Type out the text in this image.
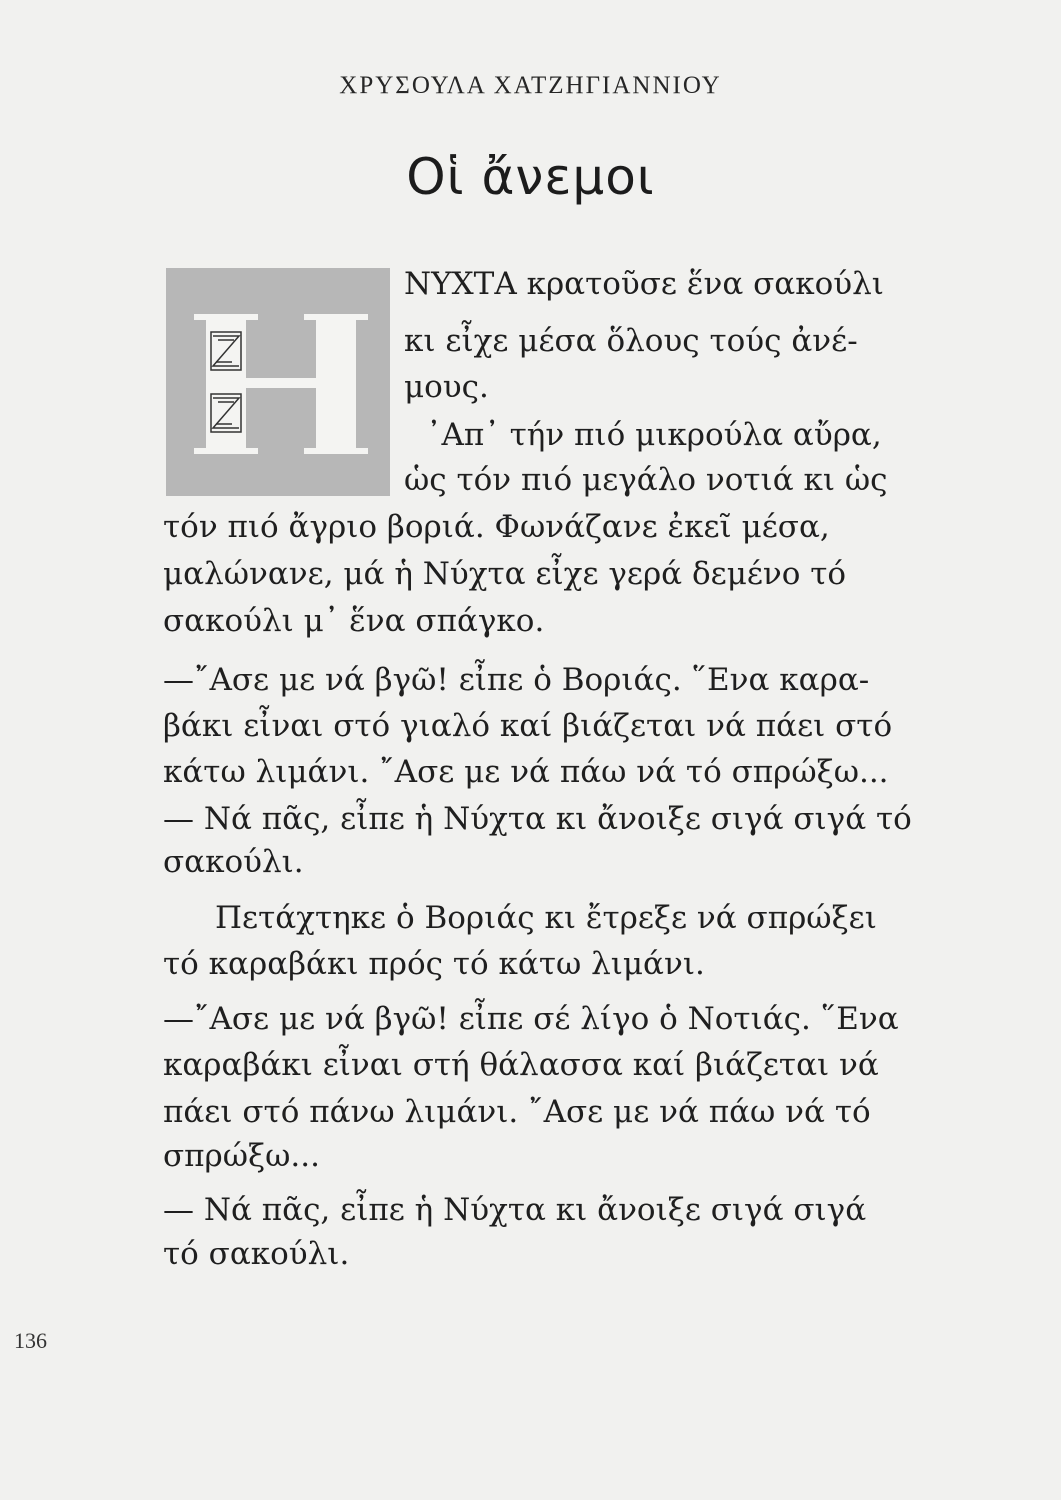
ΧΡΥΣΟΥΛΑ ΧΑΤΖΗΓΙΑΝΝΙΟΥ
Οἱ ἄνεμοι
ΝΥΧΤΑ κρατοῦσε ἕνα σακούλι
κι εἶχε μέσα ὅλους τούς ἀνέ-
μους.
᾽Απ᾽ τήν πιό μικρούλα αὔρα,
ὡς τόν πιό μεγάλο νοτιά κι ὡς
τόν πιό ἄγριο βοριά. Φωνάζανε ἐκεῖ μέσα,
μαλώνανε, μά ἡ Νύχτα εἶχε γερά δεμένο τό
σακούλι μ᾽ ἕνα σπάγκο.
—῎Ασε με νά βγῶ! εἶπε ὁ Βοριάς. ῞Ενα καρα-
βάκι εἶναι στό γιαλό καί βιάζεται νά πάει στό
κάτω λιμάνι. ῎Ασε με νά πάω νά τό σπρώξω...
— Νά πᾶς, εἶπε ἡ Νύχτα κι ἄνοιξε σιγά σιγά τό
σακούλι.
Πετάχτηκε ὁ Βοριάς κι ἔτρεξε νά σπρώξει
τό καραβάκι πρός τό κάτω λιμάνι.
—῎Ασε με νά βγῶ! εἶπε σέ λίγο ὁ Νοτιάς. ῞Ενα
καραβάκι εἶναι στή θάλασσα καί βιάζεται νά
πάει στό πάνω λιμάνι. ῎Ασε με νά πάω νά τό
σπρώξω...
— Νά πᾶς, εἶπε ἡ Νύχτα κι ἄνοιξε σιγά σιγά
τό σακούλι.
136
